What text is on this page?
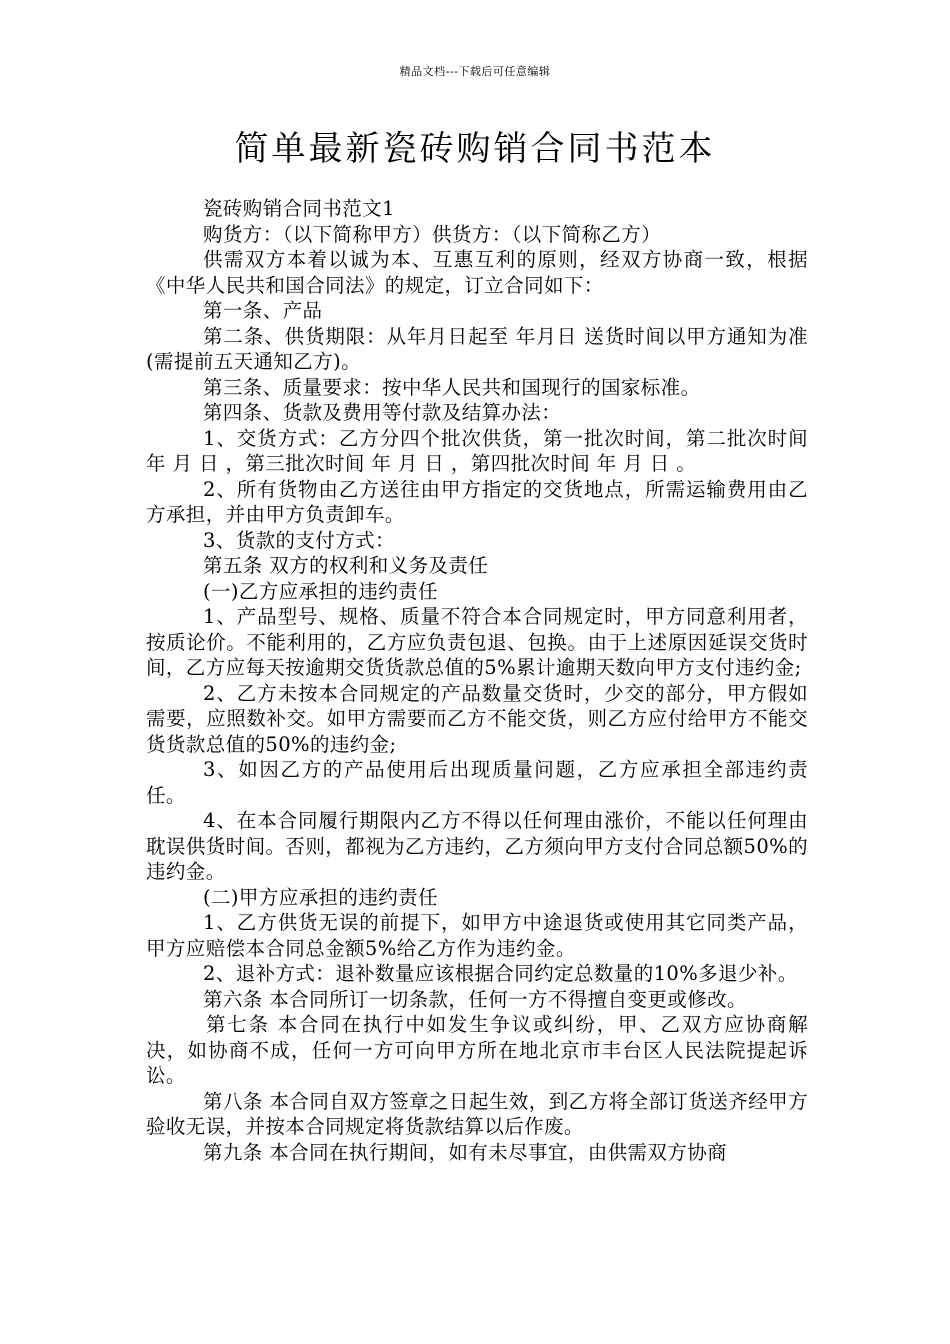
精品文档---下载后可任意编辑
简单最新瓷砖购销合同书范本

瓷砖购销合同书范文1

购货方：（以下简称甲方）供货方：（以下简称乙方）

供需双方本着以诚为本、互惠互利的原则，经双方协商一致，根据《中华人民共和国合同法》的规定，订立合同如下：

第一条、产品

第二条、供货期限：从年月日起至 年月日 送货时间以甲方通知为准(需提前五天通知乙方)。

第三条、质量要求：按中华人民共和国现行的国家标准。

第四条、货款及费用等付款及结算办法：

1、交货方式：乙方分四个批次供货，第一批次时间，第二批次时间 年 月 日 ，第三批次时间 年 月 日 ，第四批次时间 年 月 日 。

2、所有货物由乙方送往由甲方指定的交货地点，所需运输费用由乙方承担，并由甲方负责卸车。

3、货款的支付方式：

第五条 双方的权利和义务及责任

(一)乙方应承担的违约责任

1、产品型号、规格、质量不符合本合同规定时，甲方同意利用者，按质论价。不能利用的，乙方应负责包退、包换。由于上述原因延误交货时间，乙方应每天按逾期交货货款总值的5%累计逾期天数向甲方支付违约金;

2、乙方未按本合同规定的产品数量交货时，少交的部分，甲方假如需要，应照数补交。如甲方需要而乙方不能交货，则乙方应付给甲方不能交货货款总值的50%的违约金;

3、如因乙方的产品使用后出现质量问题，乙方应承担全部违约责任。

4、在本合同履行期限内乙方不得以任何理由涨价，不能以任何理由耽误供货时间。否则，都视为乙方违约，乙方须向甲方支付合同总额50%的违约金。

(二)甲方应承担的违约责任

1、乙方供货无误的前提下，如甲方中途退货或使用其它同类产品，甲方应赔偿本合同总金额5%给乙方作为违约金。

2、退补方式：退补数量应该根据合同约定总数量的10%多退少补。

第六条 本合同所订一切条款，任何一方不得擅自变更或修改。

第七条 本合同在执行中如发生争议或纠纷，甲、乙双方应协商解决，如协商不成，任何一方可向甲方所在地北京市丰台区人民法院提起诉讼。

第八条 本合同自双方签章之日起生效，到乙方将全部订货送齐经甲方验收无误，并按本合同规定将货款结算以后作废。

第九条 本合同在执行期间，如有未尽事宜，由供需双方协商
